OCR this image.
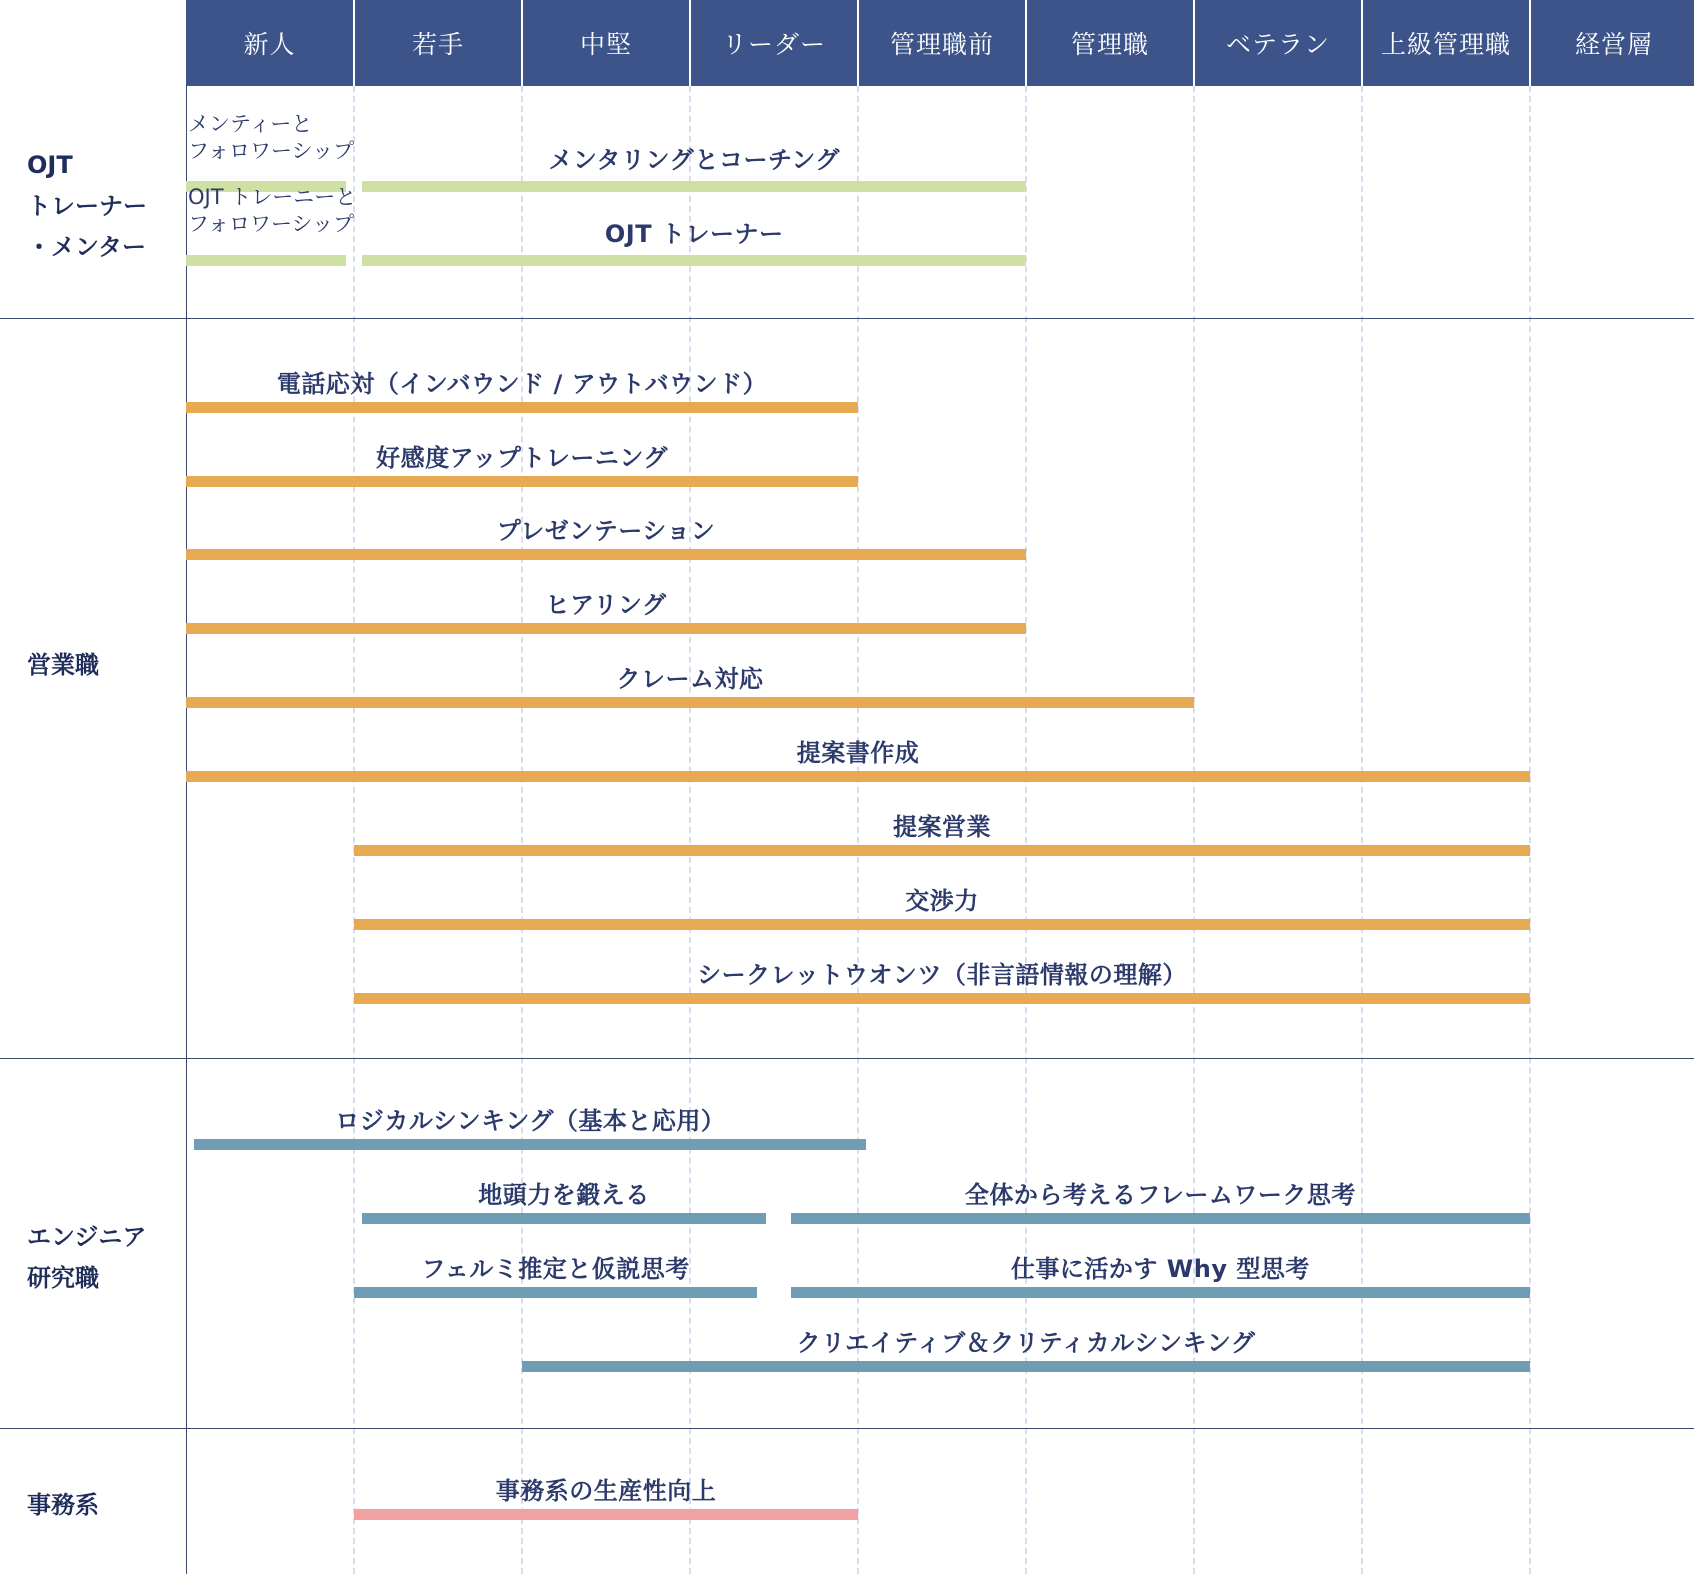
新人	若手	中堅	リーダー	管理職前	管理職	ベテラン	上級管理職	経営層
OJT
トレーナー
・メンター
メンティーと
フォロワーシップ	メンタリングとコーチング
OJT トレーニーと
フォロワーシップ	OJT トレーナー
営業職
電話応対（インバウンド / アウトバウンド）
好感度アップトレーニング
プレゼンテーション
ヒアリング
クレーム対応
提案書作成
提案営業
交渉力
シークレットウオンツ（非言語情報の理解）
エンジニア
研究職
ロジカルシンキング（基本と応用）
地頭力を鍛える	全体から考えるフレームワーク思考
フェルミ推定と仮説思考	仕事に活かす Why 型思考
クリエイティブ＆クリティカルシンキング
事務系	事務系の生産性向上
